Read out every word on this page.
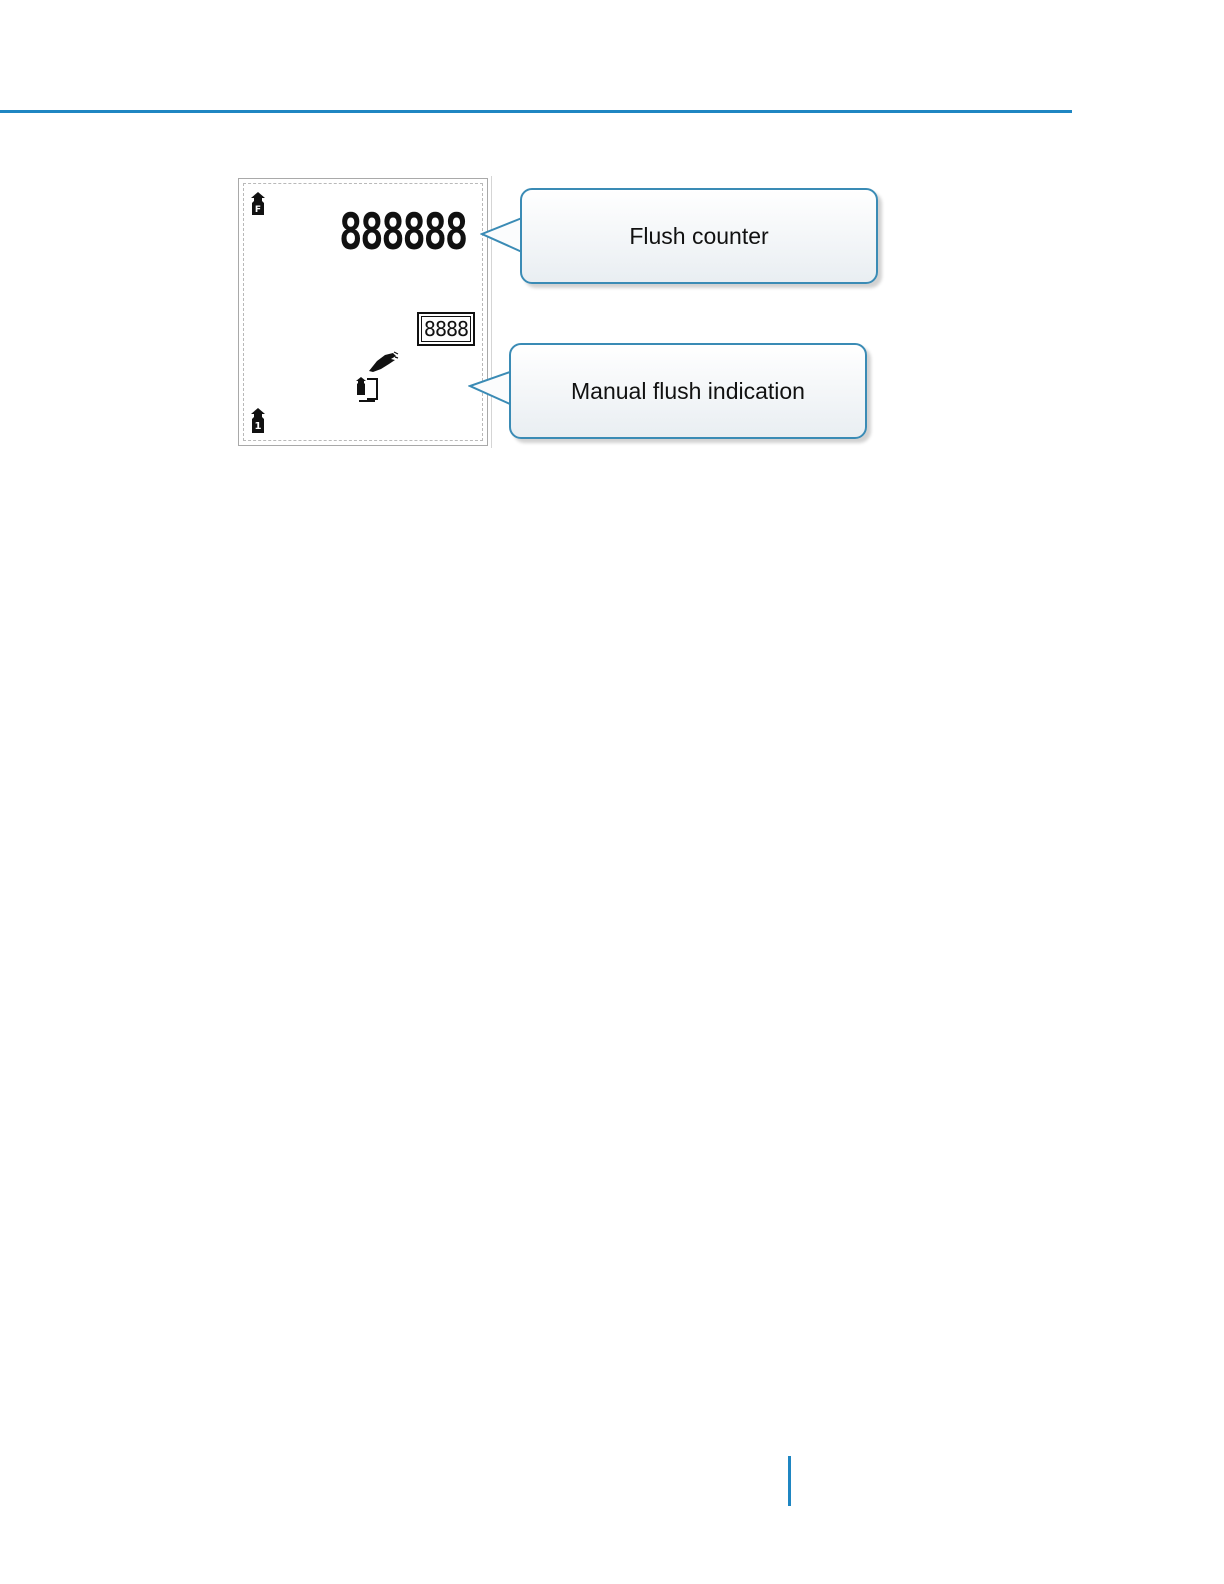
F 888888
8888
1
Flush counter
Manual flush indication
